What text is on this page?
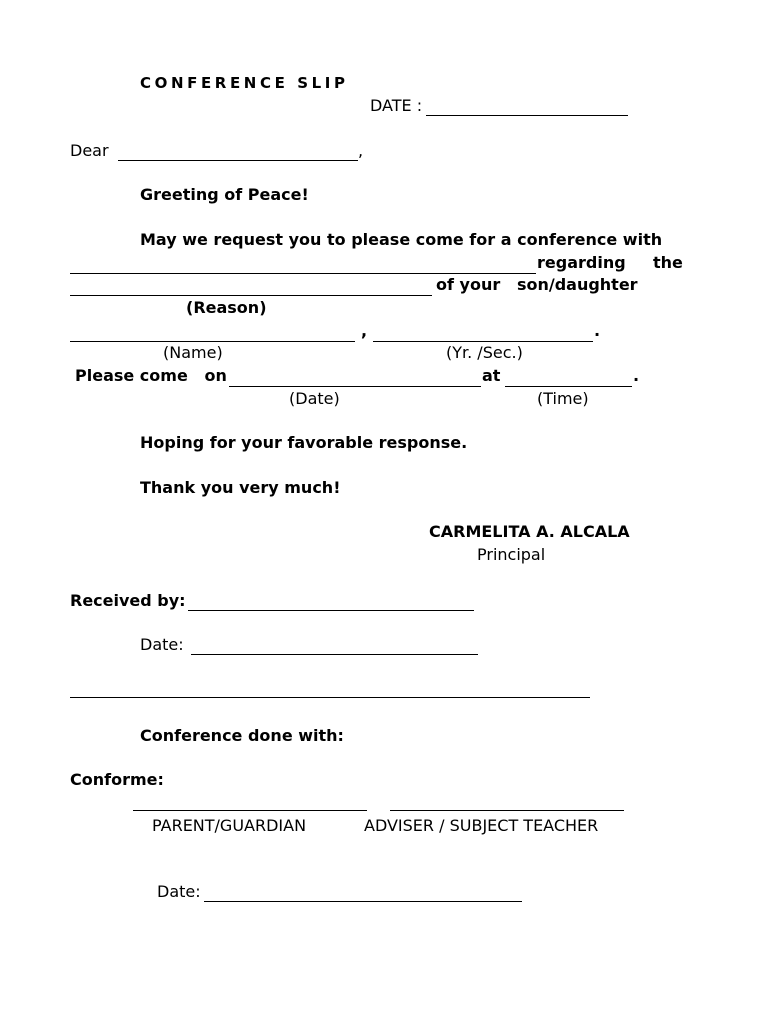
CONFERENCE SLIP
DATE :
Dear	,
Greeting of Peace!
May we request you to please come for a conference with
regarding the
of your   son/daughter
(Reason)
,	.
(Name)	(Yr. /Sec.)
Please come   on	at	.
(Date)	(Time)
Hoping for your favorable response.
Thank you very much!
CARMELITA A. ALCALA
Principal
Received by:
Date:
Conference done with:
Conforme:
PARENT/GUARDIAN	ADVISER / SUBJECT TEACHER
Date:
